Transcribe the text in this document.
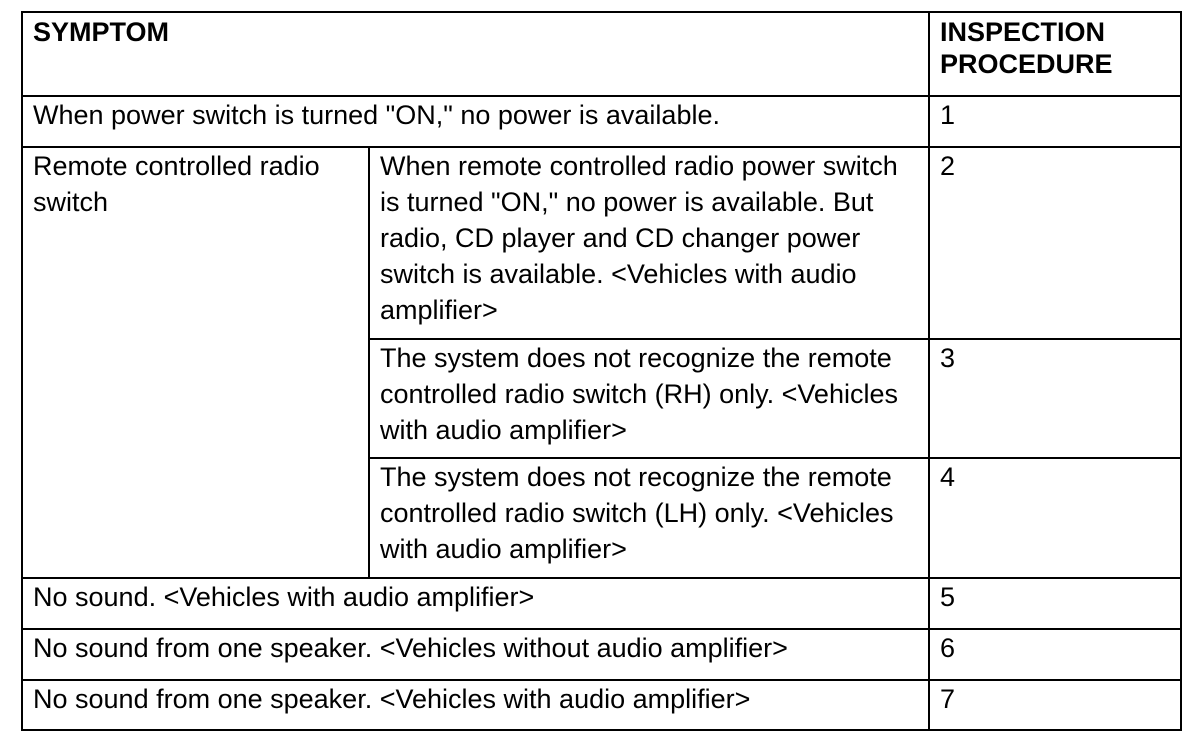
SYMPTOM		INSPECTION
PROCEDURE
When power switch is turned "ON," no power is available.		1
Remote controlled radio switch	When remote controlled radio power switch is turned "ON," no power is available. But radio, CD player and CD changer power switch is available. <Vehicles with audio amplifier>	2
	The system does not recognize the remote controlled radio switch (RH) only. <Vehicles with audio amplifier>	3
	The system does not recognize the remote controlled radio switch (LH) only. <Vehicles with audio amplifier>	4
No sound. <Vehicles with audio amplifier>		5
No sound from one speaker. <Vehicles without audio amplifier>		6
No sound from one speaker. <Vehicles with audio amplifier>		7
